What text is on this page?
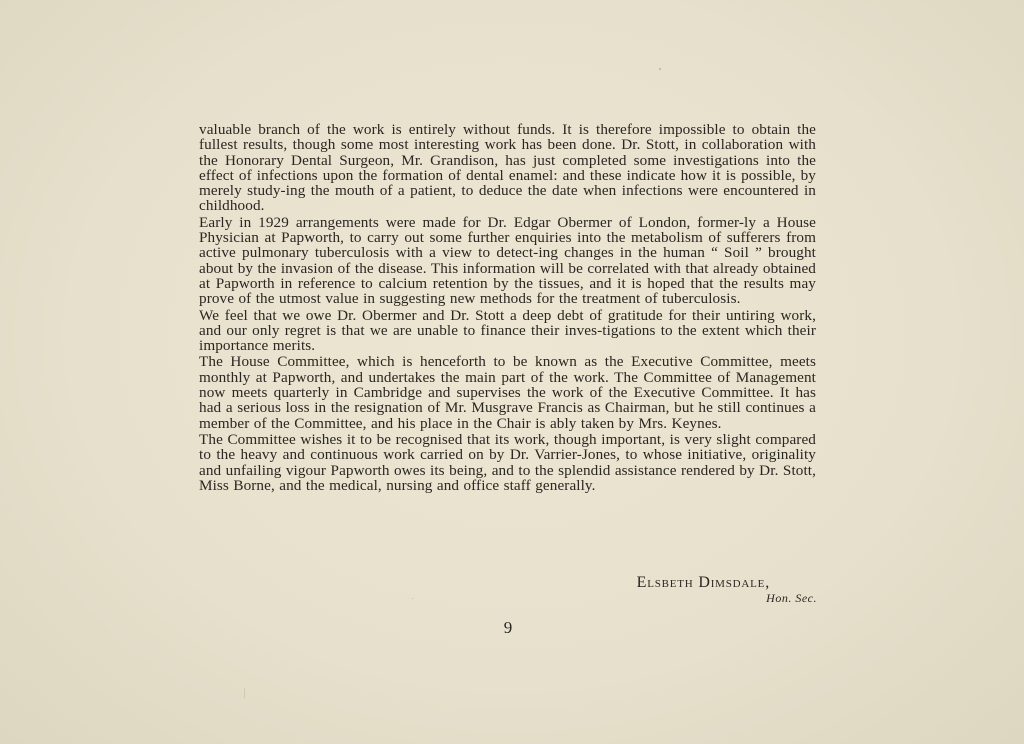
valuable branch of the work is entirely without funds. It is therefore impossible to obtain the fullest results, though some most interesting work has been done. Dr. Stott, in collaboration with the Honorary Dental Surgeon, Mr. Grandison, has just completed some investigations into the effect of infections upon the formation of dental enamel: and these indicate how it is possible, by merely study-ing the mouth of a patient, to deduce the date when infections were encountered in childhood.

Early in 1929 arrangements were made for Dr. Edgar Obermer of London, former-ly a House Physician at Papworth, to carry out some further enquiries into the metabolism of sufferers from active pulmonary tuberculosis with a view to detect-ing changes in the human “ Soil ” brought about by the invasion of the disease. This information will be correlated with that already obtained at Papworth in reference to calcium retention by the tissues, and it is hoped that the results may prove of the utmost value in suggesting new methods for the treatment of tuberculosis.

We feel that we owe Dr. Obermer and Dr. Stott a deep debt of gratitude for their untiring work, and our only regret is that we are unable to finance their inves-tigations to the extent which their importance merits.

The House Committee, which is henceforth to be known as the Executive Committee, meets monthly at Papworth, and undertakes the main part of the work. The Committee of Management now meets quarterly in Cambridge and supervises the work of the Executive Committee. It has had a serious loss in the resignation of Mr. Musgrave Francis as Chairman, but he still continues a member of the Committee, and his place in the Chair is ably taken by Mrs. Keynes.

The Committee wishes it to be recognised that its work, though important, is very slight compared to the heavy and continuous work carried on by Dr. Varrier-Jones, to whose initiative, originality and unfailing vigour Papworth owes its being, and to the splendid assistance rendered by Dr. Stott, Miss Borne, and the medical, nursing and office staff generally.

Elsbeth Dimsdale,
Hon. Sec.
9
